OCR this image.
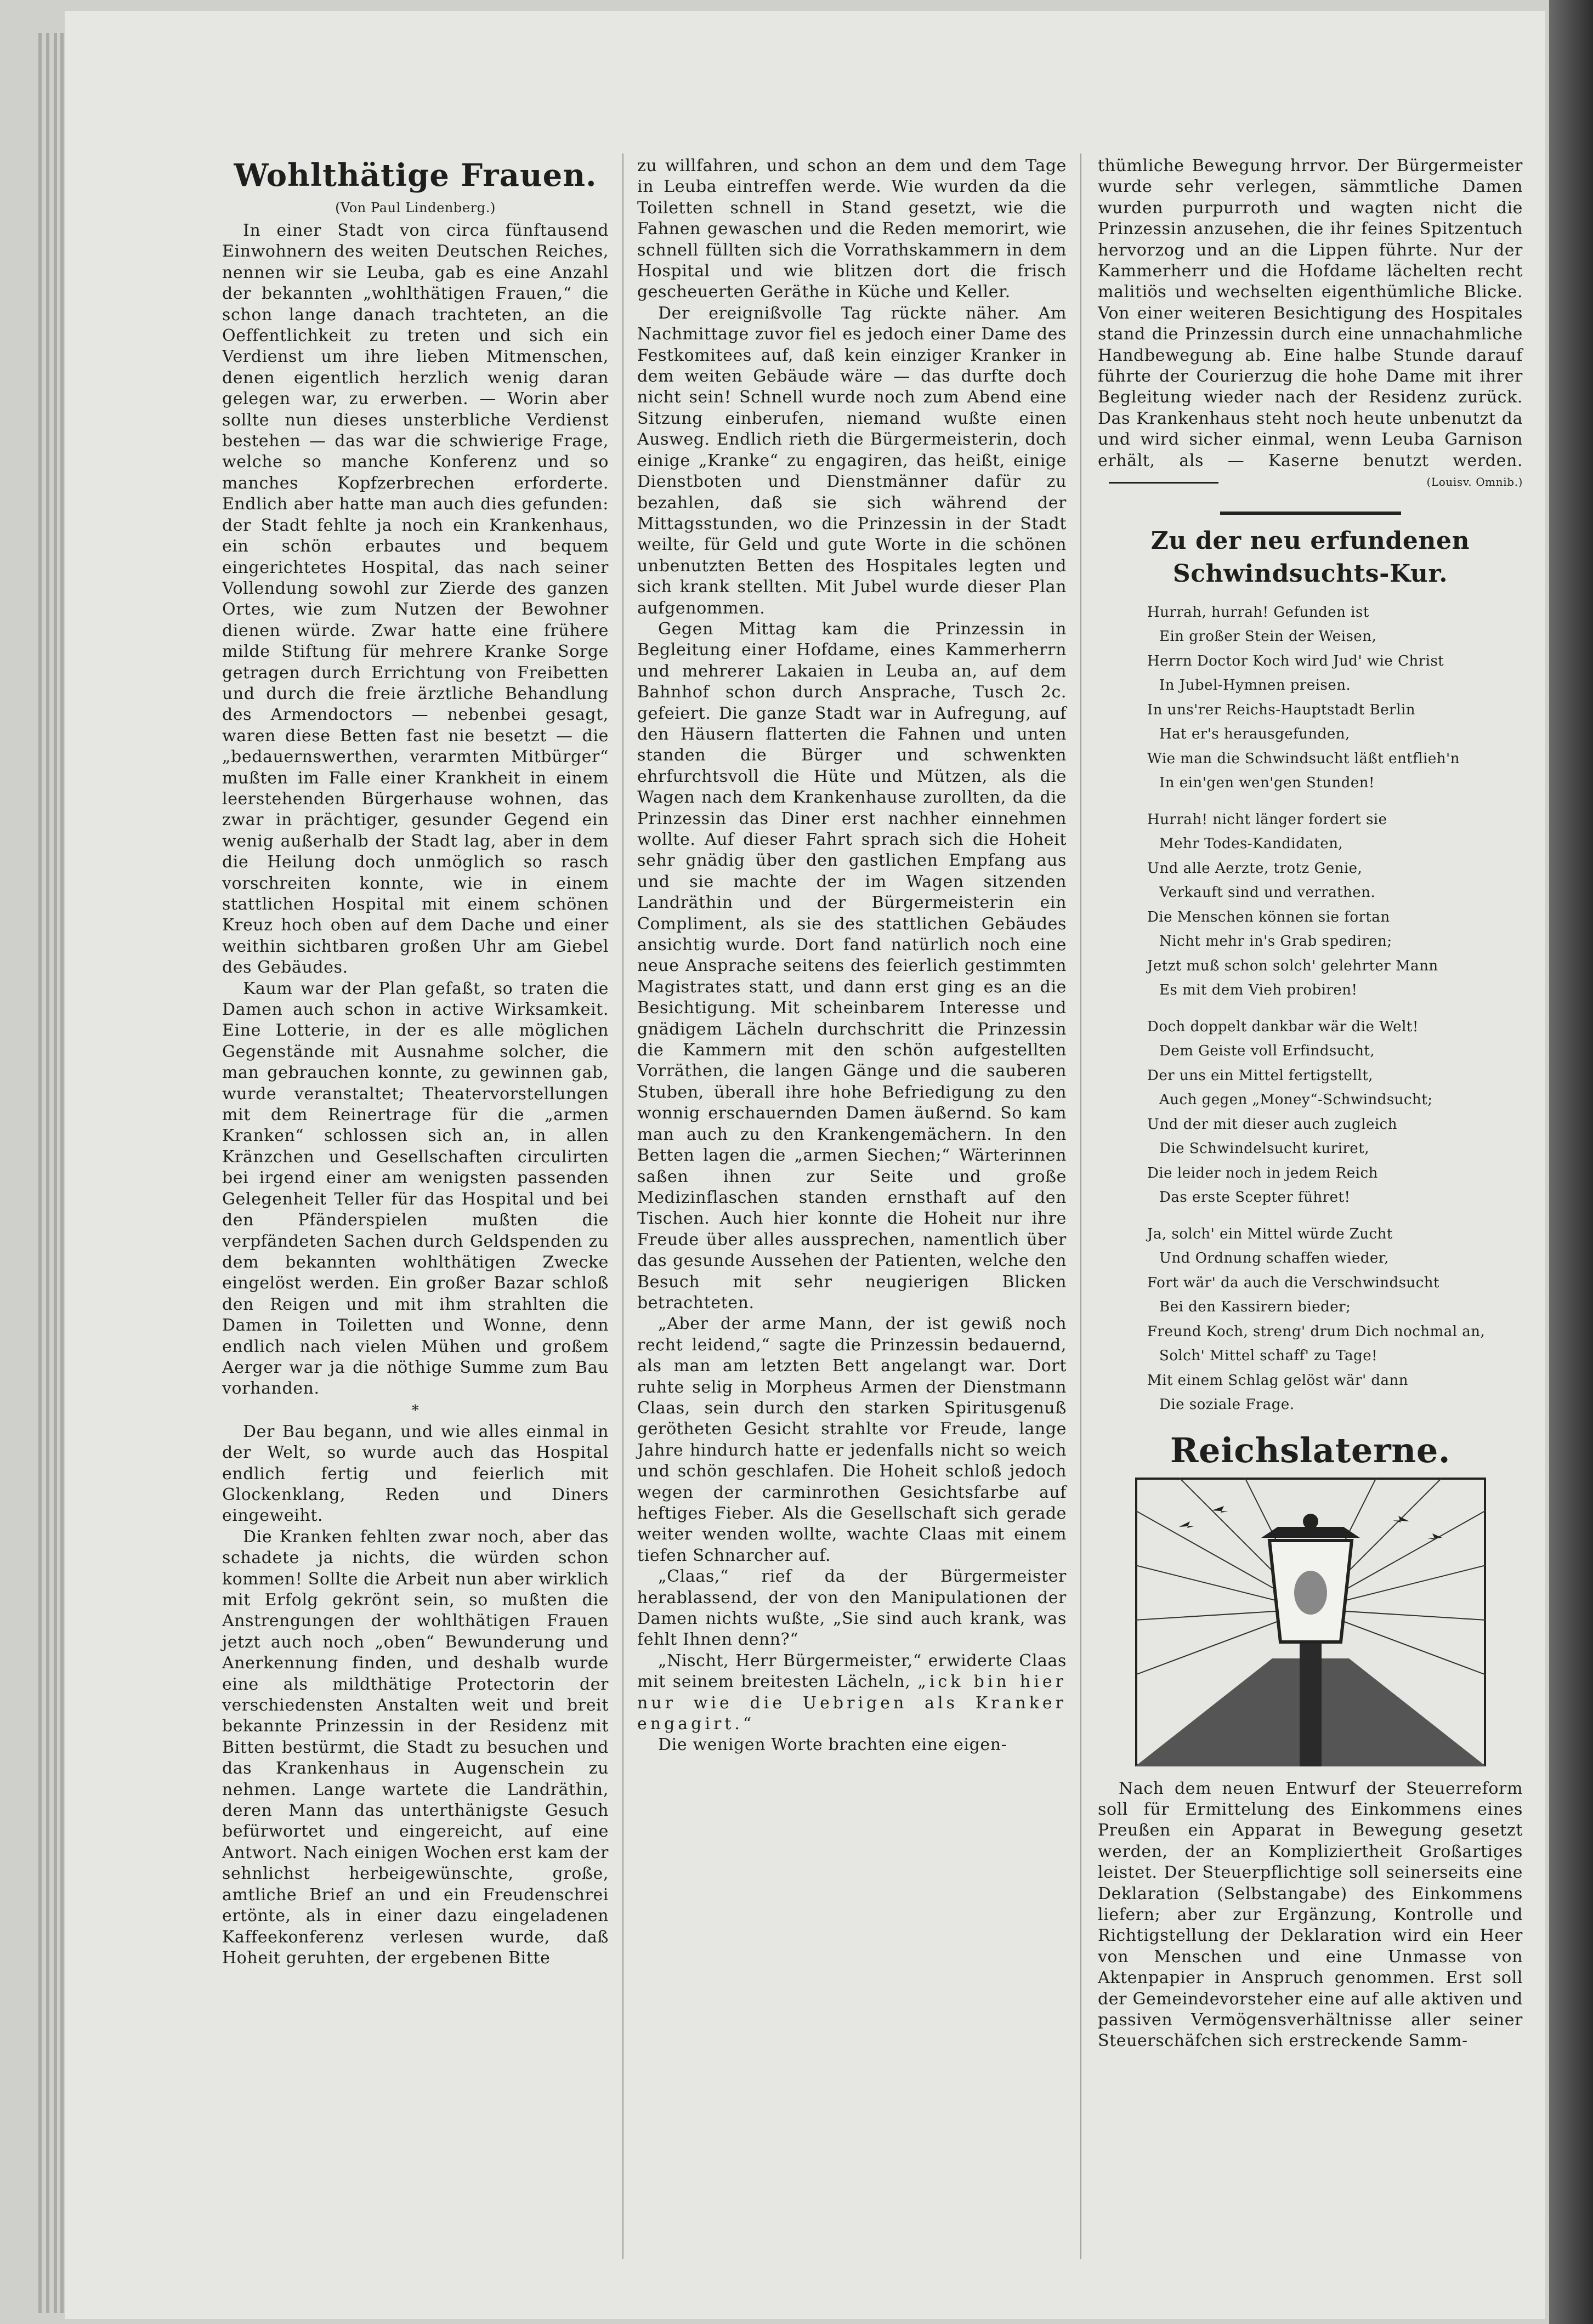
Wohlthätige Frauen.
(Von Paul Lindenberg.)

In einer Stadt von circa fünftausend Einwohnern des weiten Deutschen Reiches, nennen wir sie Leuba, gab es eine Anzahl der bekannten „wohlthätigen Frauen,“ die schon lange danach trachteten, an die Oeffentlichkeit zu treten und sich ein Verdienst um ihre lieben Mitmenschen, denen eigentlich herzlich wenig daran gelegen war, zu erwerben. — Worin aber sollte nun dieses unsterbliche Verdienst bestehen — das war die schwierige Frage, welche so manche Konferenz und so manches Kopfzerbrechen erforderte. Endlich aber hatte man auch dies gefunden: der Stadt fehlte ja noch ein Krankenhaus, ein schön erbautes und bequem eingerichtetes Hospital, das nach seiner Vollendung sowohl zur Zierde des ganzen Ortes, wie zum Nutzen der Bewohner dienen würde. Zwar hatte eine frühere milde Stiftung für mehrere Kranke Sorge getragen durch Errichtung von Freibetten und durch die freie ärztliche Behandlung des Armendoctors — nebenbei gesagt, waren diese Betten fast nie besetzt — die „bedauernswerthen, verarmten Mitbürger“ mußten im Falle einer Krankheit in einem leerstehenden Bürgerhause wohnen, das zwar in prächtiger, gesunder Gegend ein wenig außerhalb der Stadt lag, aber in dem die Heilung doch unmöglich so rasch vorschreiten konnte, wie in einem stattlichen Hospital mit einem schönen Kreuz hoch oben auf dem Dache und einer weithin sichtbaren großen Uhr am Giebel des Gebäudes.

Kaum war der Plan gefaßt, so traten die Damen auch schon in active Wirksamkeit. Eine Lotterie, in der es alle möglichen Gegenstände mit Ausnahme solcher, die man gebrauchen konnte, zu gewinnen gab, wurde veranstaltet; Theatervorstellungen mit dem Reinertrage für die „armen Kranken“ schlossen sich an, in allen Kränzchen und Gesellschaften circulirten bei irgend einer am wenigsten passenden Gelegenheit Teller für das Hospital und bei den Pfänderspielen mußten die verpfändeten Sachen durch Geldspenden zu dem bekannten wohlthätigen Zwecke eingelöst werden. Ein großer Bazar schloß den Reigen und mit ihm strahlten die Damen in Toiletten und Wonne, denn endlich nach vielen Mühen und großem Aerger war ja die nöthige Summe zum Bau vorhanden.

*

Der Bau begann, und wie alles einmal in der Welt, so wurde auch das Hospital endlich fertig und feierlich mit Glockenklang, Reden und Diners eingeweiht.

Die Kranken fehlten zwar noch, aber das schadete ja nichts, die würden schon kommen! Sollte die Arbeit nun aber wirklich mit Erfolg gekrönt sein, so mußten die Anstrengungen der wohlthätigen Frauen jetzt auch noch „oben“ Bewunderung und Anerkennung finden, und deshalb wurde eine als mildthätige Protectorin der verschiedensten Anstalten weit und breit bekannte Prinzessin in der Residenz mit Bitten bestürmt, die Stadt zu besuchen und das Krankenhaus in Augenschein zu nehmen. Lange wartete die Landräthin, deren Mann das unterthänigste Gesuch befürwortet und eingereicht, auf eine Antwort. Nach einigen Wochen erst kam der sehnlichst herbeigewünschte, große, amtliche Brief an und ein Freudenschrei ertönte, als in einer dazu eingeladenen Kaffeekonferenz verlesen wurde, daß Hoheit geruhten, der ergebenen Bitte

zu willfahren, und schon an dem und dem Tage in Leuba eintreffen werde. Wie wurden da die Toiletten schnell in Stand gesetzt, wie die Fahnen gewaschen und die Reden memorirt, wie schnell füllten sich die Vorrathskammern in dem Hospital und wie blitzen dort die frisch gescheuerten Geräthe in Küche und Keller.

Der ereignißvolle Tag rückte näher. Am Nachmittage zuvor fiel es jedoch einer Dame des Festkomitees auf, daß kein einziger Kranker in dem weiten Gebäude wäre — das durfte doch nicht sein! Schnell wurde noch zum Abend eine Sitzung einberufen, niemand wußte einen Ausweg. Endlich rieth die Bürgermeisterin, doch einige „Kranke“ zu engagiren, das heißt, einige Dienstboten und Dienstmänner dafür zu bezahlen, daß sie sich während der Mittagsstunden, wo die Prinzessin in der Stadt weilte, für Geld und gute Worte in die schönen unbenutzten Betten des Hospitales legten und sich krank stellten. Mit Jubel wurde dieser Plan aufgenommen.

Gegen Mittag kam die Prinzessin in Begleitung einer Hofdame, eines Kammerherrn und mehrerer Lakaien in Leuba an, auf dem Bahnhof schon durch Ansprache, Tusch 2c. gefeiert. Die ganze Stadt war in Aufregung, auf den Häusern flatterten die Fahnen und unten standen die Bürger und schwenkten ehrfurchtsvoll die Hüte und Mützen, als die Wagen nach dem Krankenhause zurollten, da die Prinzessin das Diner erst nachher einnehmen wollte. Auf dieser Fahrt sprach sich die Hoheit sehr gnädig über den gastlichen Empfang aus und sie machte der im Wagen sitzenden Landräthin und der Bürgermeisterin ein Compliment, als sie des stattlichen Gebäudes ansichtig wurde. Dort fand natürlich noch eine neue Ansprache seitens des feierlich gestimmten Magistrates statt, und dann erst ging es an die Besichtigung. Mit scheinbarem Interesse und gnädigem Lächeln durchschritt die Prinzessin die Kammern mit den schön aufgestellten Vorräthen, die langen Gänge und die sauberen Stuben, überall ihre hohe Befriedigung zu den wonnig erschauernden Damen äußernd. So kam man auch zu den Krankengemächern. In den Betten lagen die „armen Siechen;“ Wärterinnen saßen ihnen zur Seite und große Medizinflaschen standen ernsthaft auf den Tischen. Auch hier konnte die Hoheit nur ihre Freude über alles aussprechen, namentlich über das gesunde Aussehen der Patienten, welche den Besuch mit sehr neugierigen Blicken betrachteten.

„Aber der arme Mann, der ist gewiß noch recht leidend,“ sagte die Prinzessin bedauernd, als man am letzten Bett angelangt war. Dort ruhte selig in Morpheus Armen der Dienstmann Claas, sein durch den starken Spiritusgenuß gerötheten Gesicht strahlte vor Freude, lange Jahre hindurch hatte er jedenfalls nicht so weich und schön geschlafen. Die Hoheit schloß jedoch wegen der carminrothen Gesichtsfarbe auf heftiges Fieber. Als die Gesellschaft sich gerade weiter wenden wollte, wachte Claas mit einem tiefen Schnarcher auf.

„Claas,“ rief da der Bürgermeister herablassend, der von den Manipulationen der Damen nichts wußte, „Sie sind auch krank, was fehlt Ihnen denn?“

„Nischt, Herr Bürgermeister,“ erwiderte Claas mit seinem breitesten Lächeln, „ick bin hier nur wie die Uebrigen als Kranker engagirt.“

Die wenigen Worte brachten eine eigen-

thümliche Bewegung hrrvor. Der Bürgermeister wurde sehr verlegen, sämmtliche Damen wurden purpurroth und wagten nicht die Prinzessin anzusehen, die ihr feines Spitzentuch hervorzog und an die Lippen führte. Nur der Kammerherr und die Hofdame lächelten recht malitiös und wechselten eigenthümliche Blicke. Von einer weiteren Besichtigung des Hospitales stand die Prinzessin durch eine unnachahmliche Handbewegung ab. Eine halbe Stunde darauf führte der Courierzug die hohe Dame mit ihrer Begleitung wieder nach der Residenz zurück. Das Krankenhaus steht noch heute unbenutzt da und wird sicher einmal, wenn Leuba Garnison erhält, als — Kaserne benutzt werden.
(Louisv. Omnib.)

Zu der neu erfundenen Schwindsuchts-Kur.
Hurrah, hurrah! Gefunden ist
Ein großer Stein der Weisen,
Herrn Doctor Koch wird Jud' wie Christ
In Jubel-Hymnen preisen.
In uns'rer Reichs-Hauptstadt Berlin
Hat er's herausgefunden,
Wie man die Schwindsucht läßt entflieh'n
In ein'gen wen'gen Stunden!
Hurrah! nicht länger fordert sie
Mehr Todes-Kandidaten,
Und alle Aerzte, trotz Genie,
Verkauft sind und verrathen.
Die Menschen können sie fortan
Nicht mehr in's Grab spediren;
Jetzt muß schon solch' gelehrter Mann
Es mit dem Vieh probiren!
Doch doppelt dankbar wär die Welt!
Dem Geiste voll Erfindsucht,
Der uns ein Mittel fertigstellt,
Auch gegen „Money“-Schwindsucht;
Und der mit dieser auch zugleich
Die Schwindelsucht kuriret,
Die leider noch in jedem Reich
Das erste Scepter führet!
Ja, solch' ein Mittel würde Zucht
Und Ordnung schaffen wieder,
Fort wär' da auch die Verschwindsucht
Bei den Kassirern bieder;
Freund Koch, streng' drum Dich nochmal an,
Solch' Mittel schaff' zu Tage!
Mit einem Schlag gelöst wär' dann
Die soziale Frage.
Reichslaterne.

Nach dem neuen Entwurf der Steuerreform soll für Ermittelung des Einkommens eines Preußen ein Apparat in Bewegung gesetzt werden, der an Kompliziertheit Großartiges leistet. Der Steuerpflichtige soll seinerseits eine Deklaration (Selbstangabe) des Einkommens liefern; aber zur Ergänzung, Kontrolle und Richtigstellung der Deklaration wird ein Heer von Menschen und eine Unmasse von Aktenpapier in Anspruch genommen. Erst soll der Gemeindevorsteher eine auf alle aktiven und passiven Vermögensverhältnisse aller seiner Steuerschäfchen sich erstreckende Samm-
